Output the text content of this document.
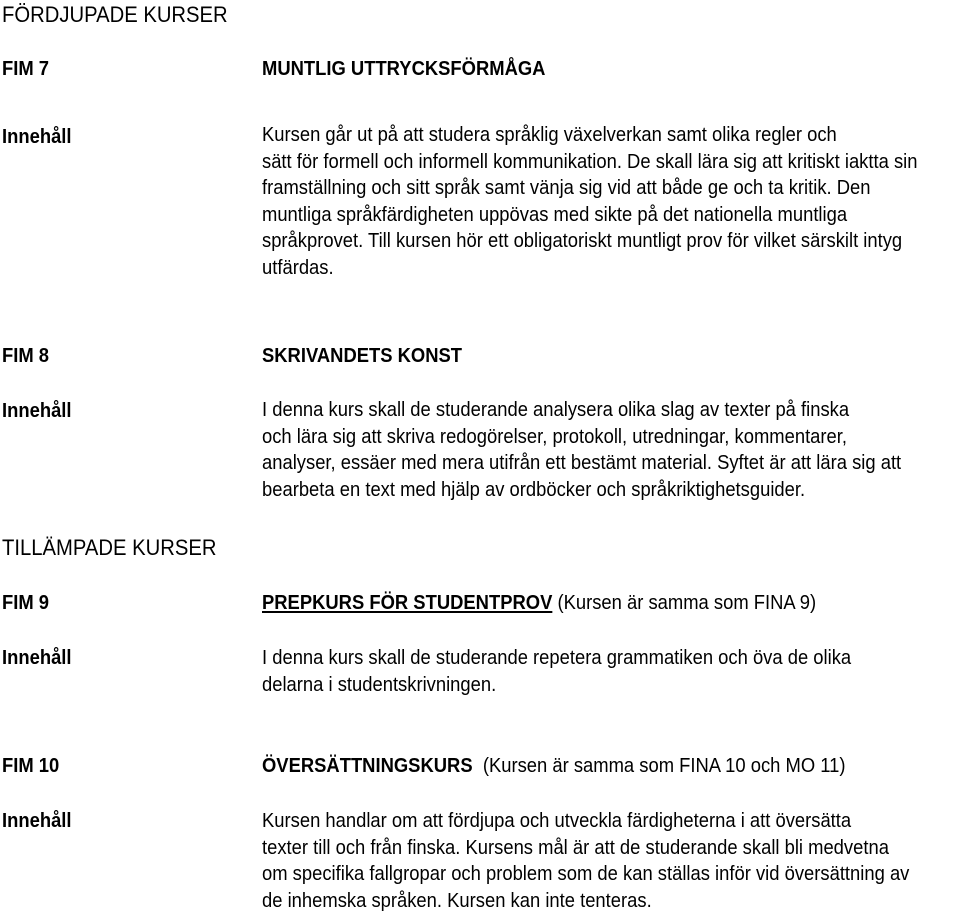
FÖRDJUPADE KURSER
FIM 7	MUNTLIG UTTRYCKSFÖRMÅGA
Innehåll	Kursen går ut på att studera språklig växelverkan samt olika regler och
sätt för formell och informell kommunikation. De skall lära sig att kritiskt iaktta sin
framställning och sitt språk samt vänja sig vid att både ge och ta kritik. Den
muntliga språkfärdigheten uppövas med sikte på det nationella muntliga
språkprovet. Till kursen hör ett obligatoriskt muntligt prov för vilket särskilt intyg
utfärdas.
FIM 8	SKRIVANDETS KONST
Innehåll	I denna kurs skall de studerande analysera olika slag av texter på finska
och lära sig att skriva redogörelser, protokoll, utredningar, kommentarer,
analyser, essäer med mera utifrån ett bestämt material. Syftet är att lära sig att
bearbeta en text med hjälp av ordböcker och språkriktighetsguider.
TILLÄMPADE KURSER
FIM 9	PREPKURS FÖR STUDENTPROV (Kursen är samma som FINA 9)
Innehåll	I denna kurs skall de studerande repetera grammatiken och öva de olika
delarna i studentskrivningen.
FIM 10	ÖVERSÄTTNINGSKURS  (Kursen är samma som FINA 10 och MO 11)
Innehåll	Kursen handlar om att fördjupa och utveckla färdigheterna i att översätta
texter till och från finska. Kursens mål är att de studerande skall bli medvetna
om specifika fallgropar och problem som de kan ställas inför vid översättning av
de inhemska språken. Kursen kan inte tenteras.
